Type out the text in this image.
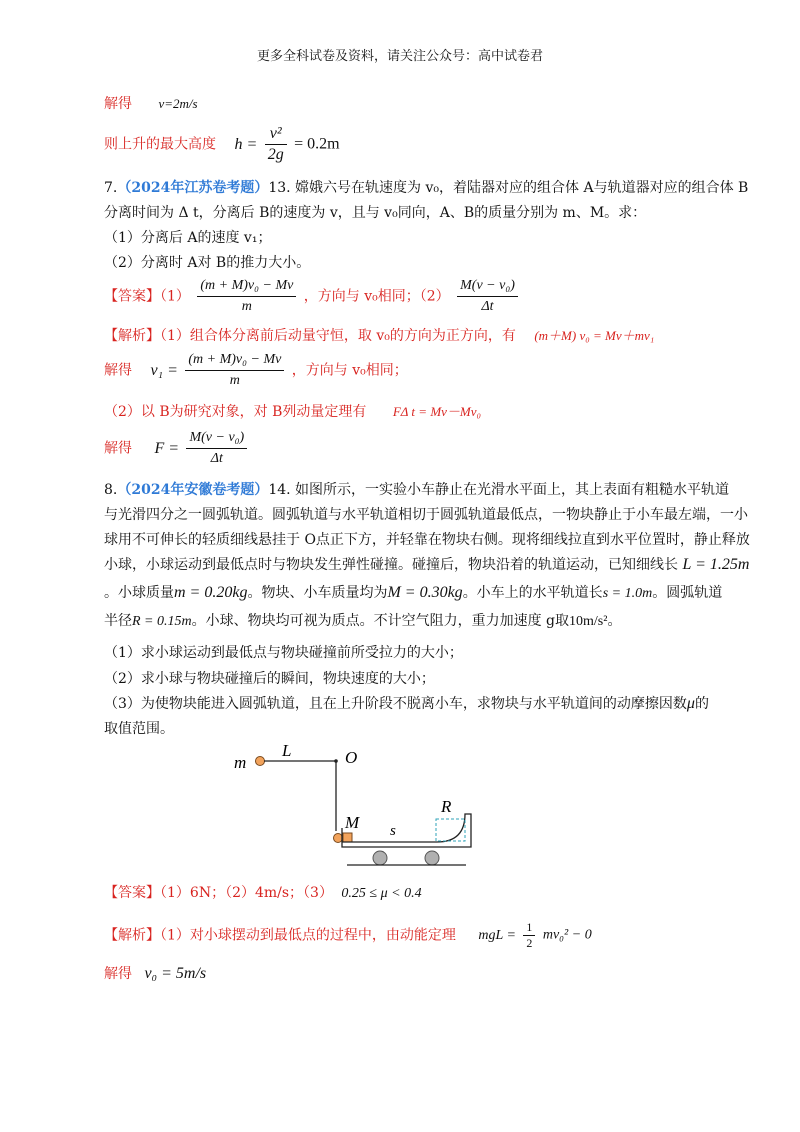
更多全科试卷及资料，请关注公众号：高中试卷君
解得 v=2m/s
则上升的最大高度 $h = \frac{\text{v²}}{2g} = 0.2m$
7.（2024年江苏卷考题）13. 嫦娥六号在轨速度为 v₀，着陆器对应的组合体 A与轨道器对应的组合体 B
分离时间为 Δ t，分离后 B的速度为 v，且与 v₀同向，A、B的质量分别为 m、M。求：
（1）分离后 A的速度 v₁；
（2）分离时 A对 B的推力大小。
【答案】$(1) \frac{\text{(m + M)v₀ − Mv}}{m}$ ，方向与 v₀相同；$(2) \frac{\text{M(v − v₀)}}{\Delta t}$
【解析】（1）组合体分离前后动量守恒，取 v₀的方向为正方向，有 (m＋M) v₀ = Mv＋mv₁
解得 $v_1 = \frac{\text{(m + M)v₀ − Mv}}{m}$ ，方向与 v₀相同；
（2）以 B为研究对象，对 B列动量定理有 FΔ t = Mv－Mv₀
解得 $F = \frac{\text{M(v − v₀)}}{\Delta t}$
8.（2024年安徽卷考题）14. 如图所示，一实验小车静止在光滑水平面上，其上表面有粗糙水平轨道
与光滑四分之一圆弧轨道。圆弧轨道与水平轨道相切于圆弧轨道最低点，一物块静止于小车最左端，一小
球用不可伸长的轻质细线悬挂于 O点正下方，并轻靠在物块右侧。现将细线拉直到水平位置时，静止释放
小球，小球运动到最低点时与物块发生弹性碰撞。碰撞后，物块沿着的轨道运动，已知细线长 L = 1.25m
。小球质量m = 0.20kg。物块、小车质量均为M = 0.30kg。小车上的水平轨道长s = 1.0m。圆弧轨道
半径R = 0.15m。小球、物块均可视为质点。不计空气阻力，重力加速度 g取10m/s²。
（1）求小球运动到最低点与物块碰撞前所受拉力的大小；
（2）求小球与物块碰撞后的瞬间，物块速度的大小；
（3）为使物块能进入圆弧轨道，且在上升阶段不脱离小车，求物块与水平轨道间的动摩擦因数μ的
取值范围。
m
L	O
M s
R
【答案】（1）6N；（2）4m/s；（3） 0.25 ≤ μ < 0.4
【解析】（1）对小球摆动到最低点的过程中，由动能定理 mgL = $\frac{1}{2} mv_0^2 - 0$
解得 v₀ = 5m/s
